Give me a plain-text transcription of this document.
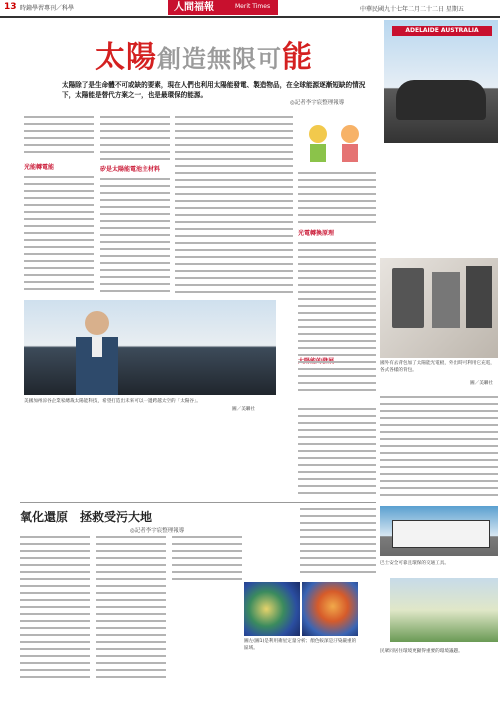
13 時鐘學習專刊／科學	人間福報	Merit Times	中華民國九十七年二月二十二日 星期五
太陽創造無限可能
太陽除了是生命體不可或缺的要素，現在人們也利用太陽能發電、製造物品，在全球能源逐漸短缺的情況下，太陽能是替代方案之一，也是最環保的能源。
◎記者李宇宸整理報導
ADELAIDE AUSTRALIA
光能轉電能	矽是太陽能電池主材料
光電轉換原理
美國加州涼谷企業家總裁太陽能科技，希望打造出未來可以一邊跨越太空的「太陽谷」。
圖／美聯社
國外有去背包加了太陽能光電板，外出時可利用它充電，各式各樣的背包。
圖／美聯社
氧化還原　拯救受污大地
◎記者李宇宸整理報導
圖左(圖1)是利用衛星定量分析；顏色較深是汙染嚴重的區域。
巴士安全可靠且環保的交通工具。
民眾同居住環境更顯得重要的環境議題。
